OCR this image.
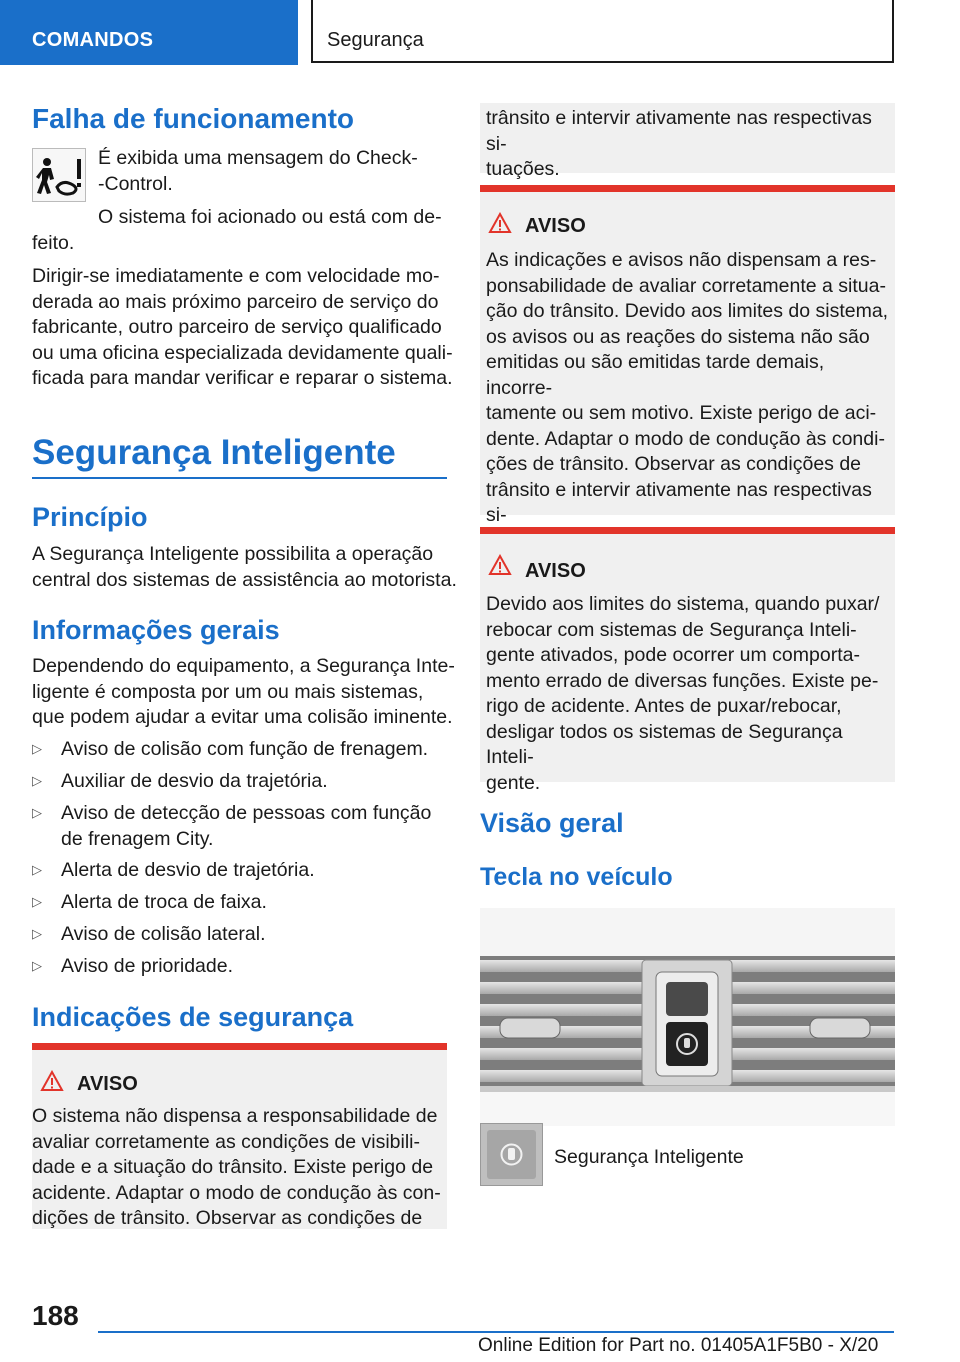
COMANDOS	Segurança
Falha de funcionamento
É exibida uma mensagem do Check-
-Control.
O sistema foi acionado ou está com de-
feito.
Dirigir-se imediatamente e com velocidade mo-
derada ao mais próximo parceiro de serviço do
fabricante, outro parceiro de serviço qualificado
ou uma oficina especializada devidamente quali-
ficada para mandar verificar e reparar o sistema.
Segurança Inteligente
Princípio
A Segurança Inteligente possibilita a operação
central dos sistemas de assistência ao motorista.
Informações gerais
Dependendo do equipamento, a Segurança Inte-
ligente é composta por um ou mais sistemas,
que podem ajudar a evitar uma colisão iminente.
▷ Aviso de colisão com função de frenagem.
▷ Auxiliar de desvio da trajetória.
▷ Aviso de detecção de pessoas com função
de frenagem City.
▷ Alerta de desvio de trajetória.
▷ Alerta de troca de faixa.
▷ Aviso de colisão lateral.
▷ Aviso de prioridade.
Indicações de segurança
AVISO
O sistema não dispensa a responsabilidade de
avaliar corretamente as condições de visibili-
dade e a situação do trânsito. Existe perigo de
acidente. Adaptar o modo de condução às con-
dições de trânsito. Observar as condições de
trânsito e intervir ativamente nas respectivas si-
tuações.
AVISO
As indicações e avisos não dispensam a res-
ponsabilidade de avaliar corretamente a situa-
ção do trânsito. Devido aos limites do sistema,
os avisos ou as reações do sistema não são
emitidas ou são emitidas tarde demais, incorre-
tamente ou sem motivo. Existe perigo de aci-
dente. Adaptar o modo de condução às condi-
ções de trânsito. Observar as condições de
trânsito e intervir ativamente nas respectivas si-
AVISO
Devido aos limites do sistema, quando puxar/
rebocar com sistemas de Segurança Inteli-
gente ativados, pode ocorrer um comporta-
mento errado de diversas funções. Existe pe-
rigo de acidente. Antes de puxar/rebocar,
desligar todos os sistemas de Segurança Inteli-
gente.
Visão geral
Tecla no veículo
Segurança Inteligente
188
Online Edition for Part no. 01405A1F5B0 - X/20
